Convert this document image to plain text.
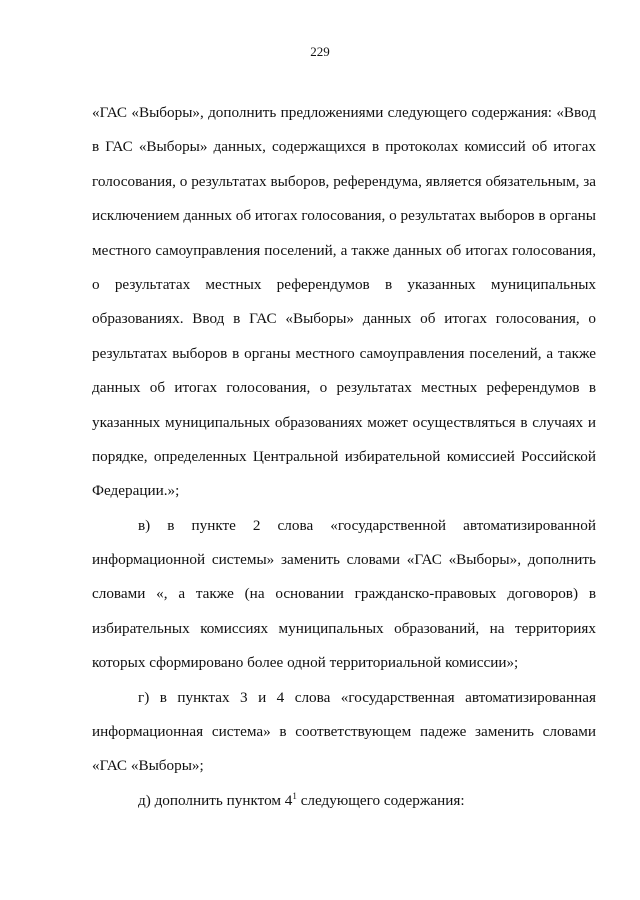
229
«ГАС «Выборы», дополнить предложениями следующего содержания: «Ввод
в ГАС «Выборы» данных, содержащихся в протоколах комиссий об итогах
голосования, о результатах выборов, референдума, является обязательным, за
исключением данных об итогах голосования, о результатах выборов в органы
местного самоуправления поселений, а также данных об итогах голосования,
о результатах местных референдумов в указанных муниципальных
образованиях. Ввод в ГАС «Выборы» данных об итогах голосования, о
результатах выборов в органы местного самоуправления поселений, а также
данных об итогах голосования, о результатах местных референдумов в
указанных муниципальных образованиях может осуществляться в случаях и
порядке, определенных Центральной избирательной комиссией Российской
Федерации.»;
в) в пункте 2 слова «государственной автоматизированной
информационной системы» заменить словами «ГАС «Выборы», дополнить
словами «, а также (на основании гражданско-правовых договоров) в
избирательных комиссиях муниципальных образований, на территориях
которых сформировано более одной территориальной комиссии»;
г) в пунктах 3 и 4 слова «государственная автоматизированная
информационная система» в соответствующем падеже заменить словами
«ГАС «Выборы»;
д) дополнить пунктом $4^1$ следующего содержания:
